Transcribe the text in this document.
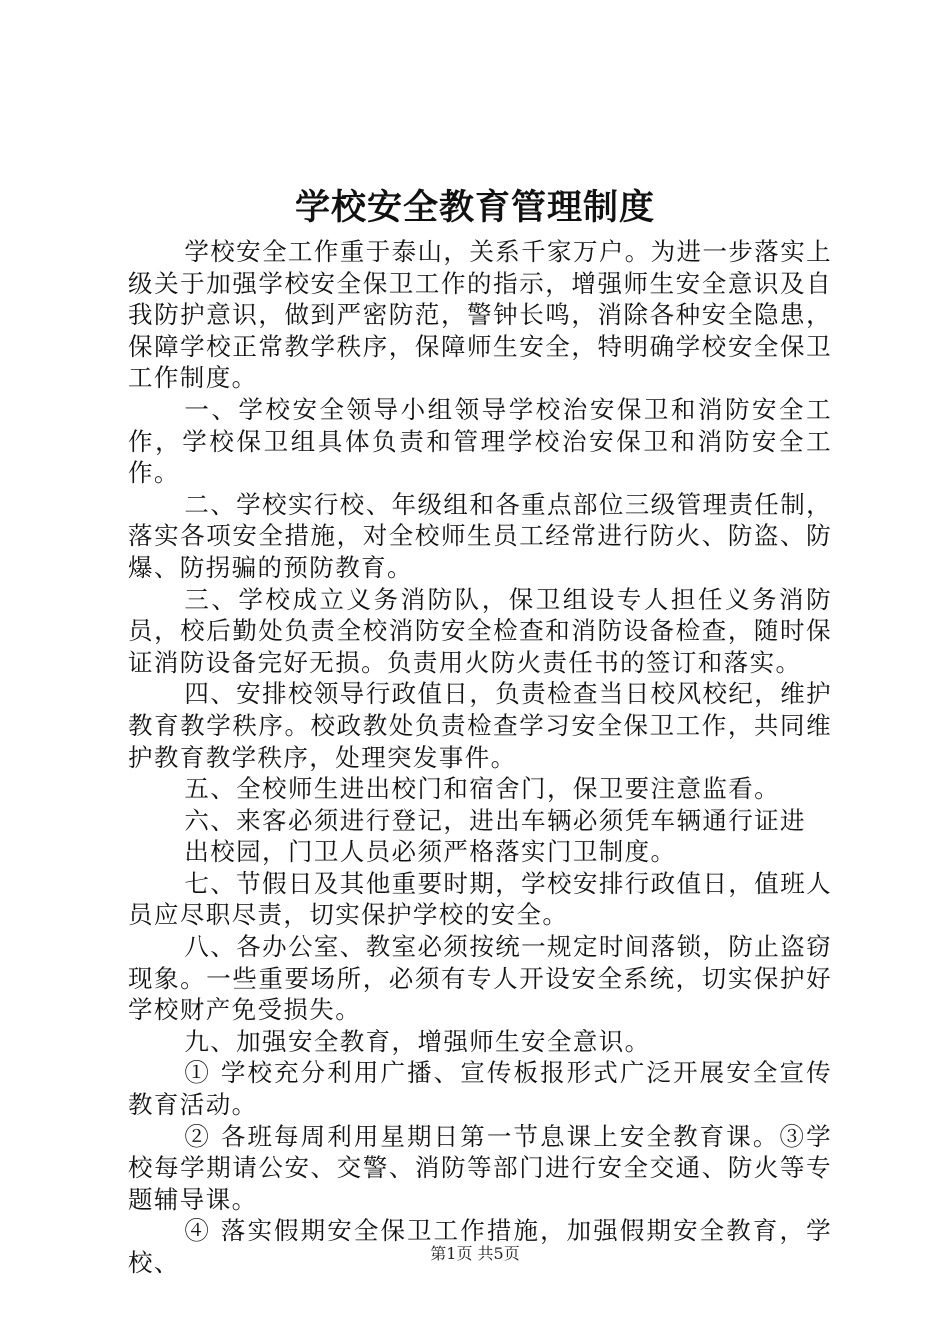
学校安全教育管理制度

学校安全工作重于泰山，关系千家万户。为进一步落实上级关于加强学校安全保卫工作的指示，增强师生安全意识及自我防护意识，做到严密防范，警钟长鸣，消除各种安全隐患，保障学校正常教学秩序，保障师生安全，特明确学校安全保卫工作制度。

一、学校安全领导小组领导学校治安保卫和消防安全工作，学校保卫组具体负责和管理学校治安保卫和消防安全工作。

二、学校实行校、年级组和各重点部位三级管理责任制，落实各项安全措施，对全校师生员工经常进行防火、防盗、防爆、防拐骗的预防教育。

三、学校成立义务消防队，保卫组设专人担任义务消防员，校后勤处负责全校消防安全检查和消防设备检查，随时保证消防设备完好无损。负责用火防火责任书的签订和落实。

四、安排校领导行政值日，负责检查当日校风校纪，维护教育教学秩序。校政教处负责检查学习安全保卫工作，共同维护教育教学秩序，处理突发事件。

五、全校师生进出校门和宿舍门，保卫要注意监看。

六、来客必须进行登记，进出车辆必须凭车辆通行证进

出校园，门卫人员必须严格落实门卫制度。

七、节假日及其他重要时期，学校安排行政值日，值班人员应尽职尽责，切实保护学校的安全。

八、各办公室、教室必须按统一规定时间落锁，防止盗窃现象。一些重要场所，必须有专人开设安全系统，切实保护好学校财产免受损失。

九、加强安全教育，增强师生安全意识。

① 学校充分利用广播、宣传板报形式广泛开展安全宣传教育活动。

② 各班每周利用星期日第一节息课上安全教育课。③学校每学期请公安、交警、消防等部门进行安全交通、防火等专题辅导课。

④ 落实假期安全保卫工作措施，加强假期安全教育，学校、	第1页 共5页
